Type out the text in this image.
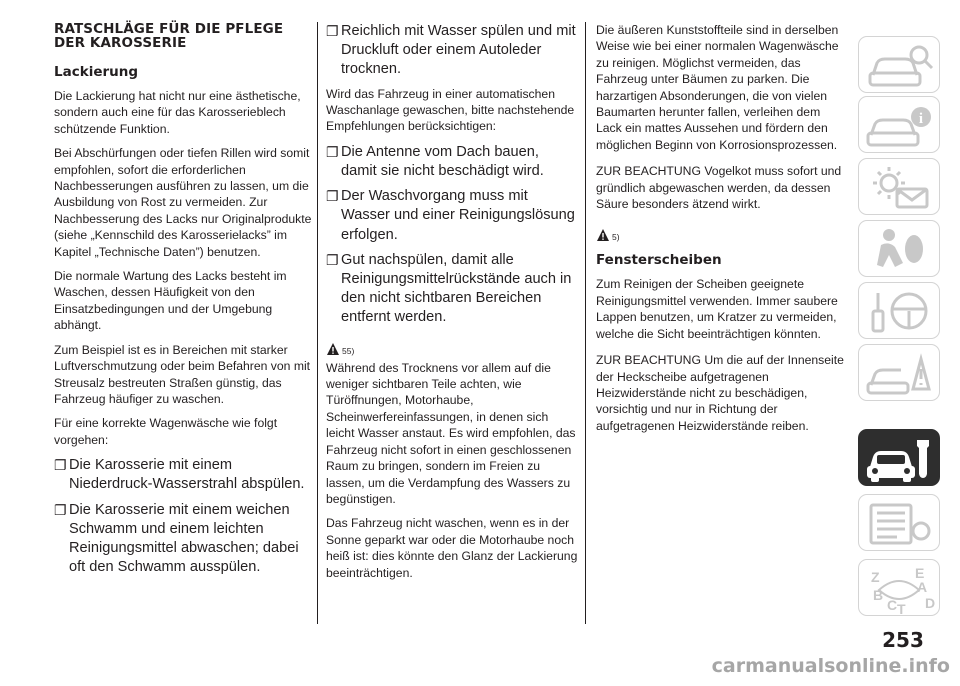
RATSCHLÄGE FÜR DIE PFLEGE DER KAROSSERIE
Lackierung

Die Lackierung hat nicht nur eine ästhetische, sondern auch eine für das Karosserieblech schützende Funktion.

Bei Abschürfungen oder tiefen Rillen wird somit empfohlen, sofort die erforderlichen Nachbesserungen ausführen zu lassen, um die Ausbildung von Rost zu vermeiden. Zur Nachbesserung des Lacks nur Originalprodukte (siehe „Kennschild des Karosserielacks” im Kapitel „Technische Daten”) benutzen.

Die normale Wartung des Lacks besteht im Waschen, dessen Häufigkeit von den Einsatzbedingungen und der Umgebung abhängt.

Zum Beispiel ist es in Bereichen mit starker Luftverschmutzung oder beim Befahren von mit Streusalz bestreuten Straßen günstig, das Fahrzeug häufiger zu waschen.

Für eine korrekte Wagenwäsche wie folgt vorgehen:

❐ Die Karosserie mit einem Niederdruck-Wasserstrahl abspülen.
❐ Die Karosserie mit einem weichen Schwamm und einem leichten Reinigungsmittel abwaschen; dabei oft den Schwamm ausspülen.
❐ Reichlich mit Wasser spülen und mit Druckluft oder einem Autoleder trocknen.

Wird das Fahrzeug in einer automatischen Waschanlage gewaschen, bitte nachstehende Empfehlungen berücksichtigen:

❐ Die Antenne vom Dach bauen, damit sie nicht beschädigt wird.
❐ Der Waschvorgang muss mit Wasser und einer Reinigungslösung erfolgen.
❐ Gut nachspülen, damit alle Reinigungsmittelrückstände auch in den nicht sichtbaren Bereichen entfernt werden.
55)

Während des Trocknens vor allem auf die weniger sichtbaren Teile achten, wie Türöffnungen, Motorhaube, Scheinwerfereinfassungen, in denen sich leicht Wasser anstaut. Es wird empfohlen, das Fahrzeug nicht sofort in einen geschlossenen Raum zu bringen, sondern im Freien zu lassen, um die Verdampfung des Wassers zu begünstigen.

Das Fahrzeug nicht waschen, wenn es in der Sonne geparkt war oder die Motorhaube noch heiß ist: dies könnte den Glanz der Lackierung beeinträchtigen.

Die äußeren Kunststoffteile sind in derselben Weise wie bei einer normalen Wagenwäsche zu reinigen. Möglichst vermeiden, das Fahrzeug unter Bäumen zu parken. Die harzartigen Absonderungen, die von vielen Baumarten herunter fallen, verleihen dem Lack ein mattes Aussehen und fördern den möglichen Beginn von Korrosionsprozessen.

ZUR BEACHTUNG Vogelkot muss sofort und gründlich abgewaschen werden, da dessen Säure besonders ätzend wirkt.

5)
Fensterscheiben

Zum Reinigen der Scheiben geeignete Reinigungsmittel verwenden. Immer saubere Lappen benutzen, um Kratzer zu vermeiden, welche die Sicht beeinträchtigen könnten.

ZUR BEACHTUNG Um die auf der Innenseite der Heckscheibe aufgetragenen Heizwiderstände nicht zu beschädigen, vorsichtig und nur in Richtung der aufgetragenen Heizwiderstände reiben.

i
Z	E
A
B
C T D
253
carmanualsonline.info
